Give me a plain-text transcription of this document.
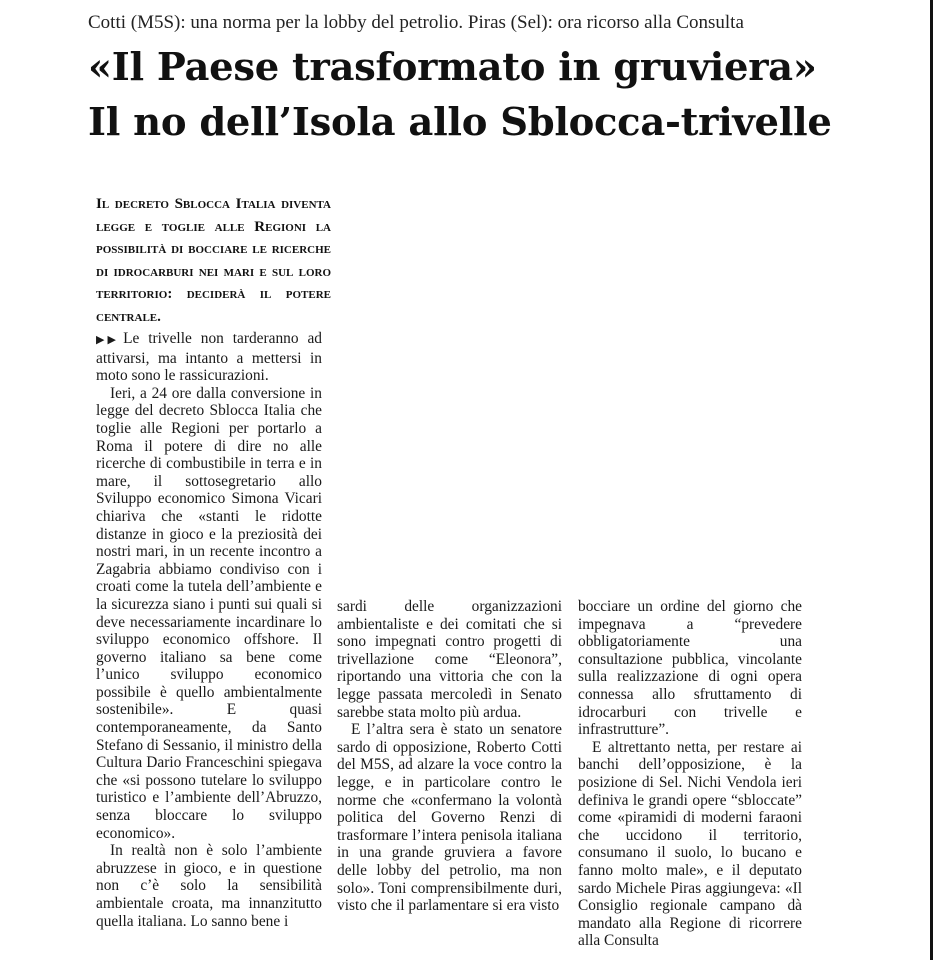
Cotti (M5S): una norma per la lobby del petrolio. Piras (Sel): ora ricorso alla Consulta
«Il Paese trasformato in gruviera»
Il no dell’Isola allo Sblocca-trivelle
Il decreto Sblocca Italia diventa legge e toglie alle Regioni la possibilità di bocciare le ricerche di idrocarburi nei mari e sul loro territorio: deciderà il potere centrale.

▶▶ Le trivelle non tarderanno ad attivarsi, ma intanto a mettersi in moto sono le rassicurazioni.

Ieri, a 24 ore dalla conversione in legge del decreto Sblocca Italia che toglie alle Regioni per portarlo a Roma il potere di dire no alle ricerche di combustibile in terra e in mare, il sottosegretario allo Sviluppo economico Simona Vicari chiariva che «stanti le ridotte distanze in gioco e la preziosità dei nostri mari, in un recente incontro a Zagabria abbiamo condiviso con i croati come la tutela dell’ambiente e la sicurezza siano i punti sui quali si deve necessariamente incardinare lo sviluppo economico offshore. Il governo italiano sa bene come l’unico sviluppo economico possibile è quello ambientalmente sostenibile». E quasi contemporaneamente, da Santo Stefano di Sessanio, il ministro della Cultura Dario Franceschini spiegava che «si possono tutelare lo sviluppo turistico e l’ambiente dell’Abruzzo, senza bloccare lo sviluppo economico».

In realtà non è solo l’ambiente abruzzese in gioco, e in questione non c’è solo la sensibilità ambientale croata, ma innanzitutto quella italiana. Lo sanno bene i

sardi delle organizzazioni ambientaliste e dei comitati che si sono impegnati contro progetti di trivellazione come “Eleonora”, riportando una vittoria che con la legge passata mercoledì in Senato sarebbe stata molto più ardua.

E l’altra sera è stato un senatore sardo di opposizione, Roberto Cotti del M5S, ad alzare la voce contro la legge, e in particolare contro le norme che «confermano la volontà politica del Governo Renzi di trasformare l’intera penisola italiana in una grande gruviera a favore delle lobby del petrolio, ma non solo». Toni comprensibilmente duri, visto che il parlamentare si era visto

bocciare un ordine del giorno che impegnava a “prevedere obbligatoriamente una consultazione pubblica, vincolante sulla realizzazione di ogni opera connessa allo sfruttamento di idrocarburi con trivelle e infrastrutture”.

E altrettanto netta, per restare ai banchi dell’opposizione, è la posizione di Sel. Nichi Vendola ieri definiva le grandi opere “sbloccate” come «piramidi di moderni faraoni che uccidono il territorio, consumano il suolo, lo bucano e fanno molto male», e il deputato sardo Michele Piras aggiungeva: «Il Consiglio regionale campano dà mandato alla Regione di ricorrere alla Consulta
